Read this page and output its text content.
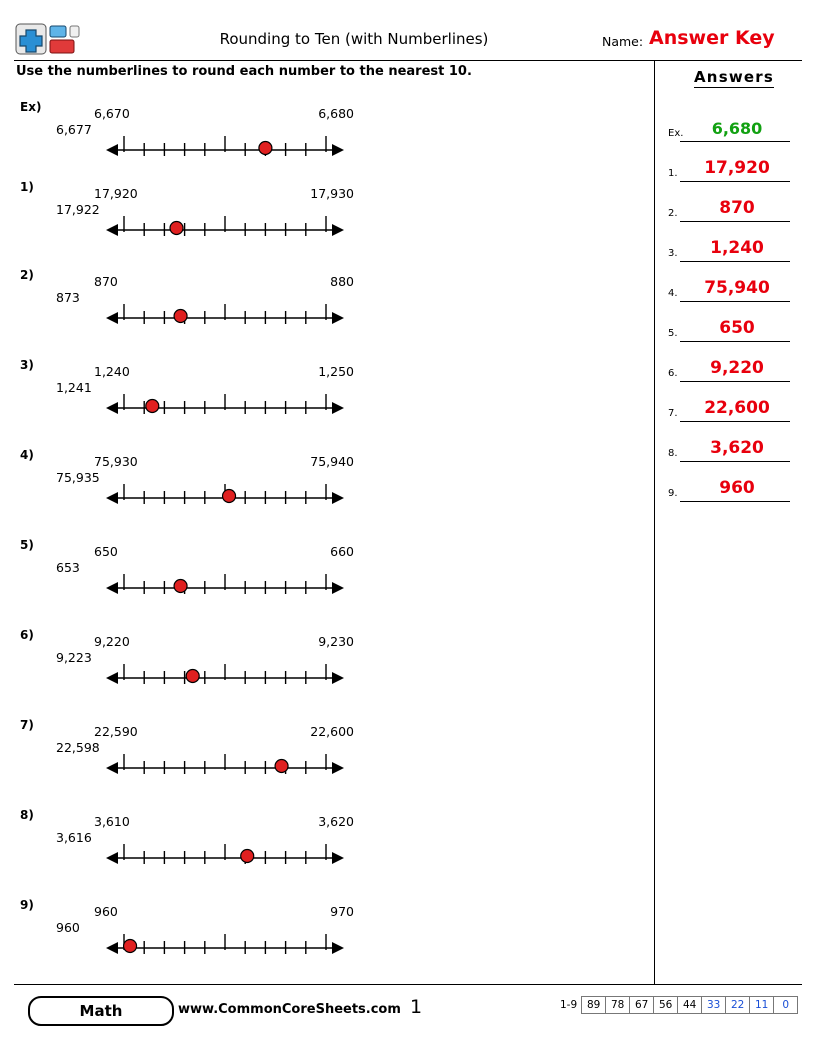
Rounding to Ten (with Numberlines)	Name: Answer Key
Use the numberlines to round each number to the nearest 10.	Answers
Ex.	6,680
1.	17,920
2.	870
3.	1,240
4.	75,940
5.	650
6.	9,220
7.	22,600
8.	3,620
9.	960
Ex)
6,677
6,670	6,680
1)
17,922
17,920	17,930
2)
873
870	880
3)
1,241
1,240	1,250
4)
75,935
75,930	75,940
5)
653
650	660
6)
9,223
9,220	9,230
7)
22,598
22,590	22,600
8)
3,616
3,610	3,620
9)
960
960	970
Math	www.CommonCoreSheets.com 1	1-9 89	78	67	56	44	33	22	11	0
